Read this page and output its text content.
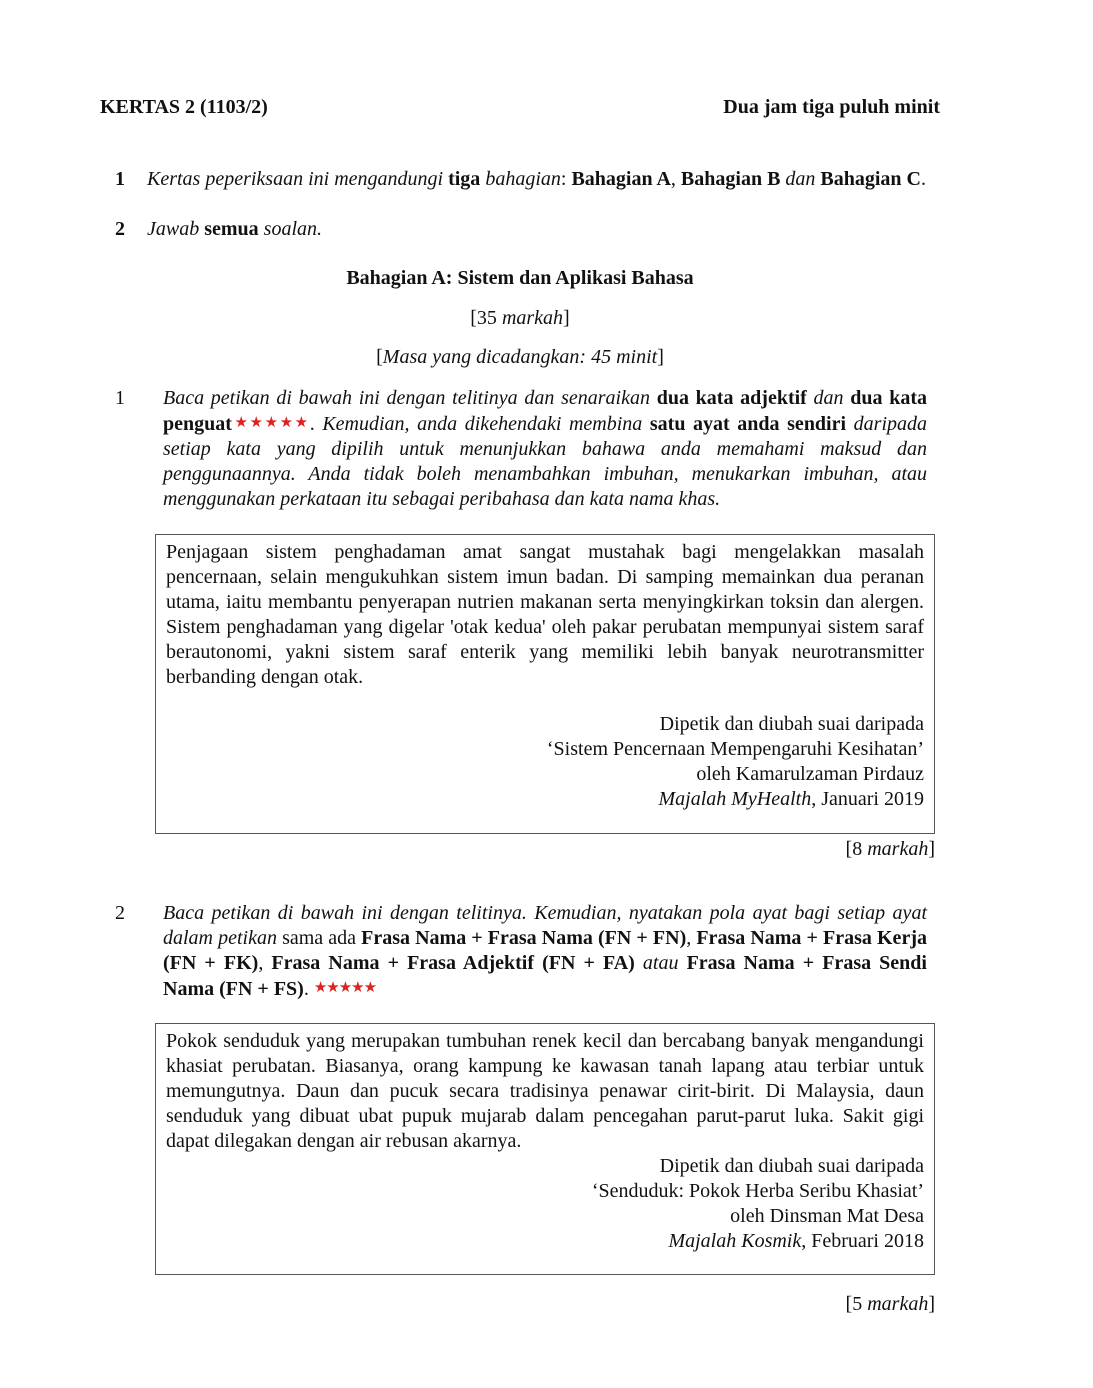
KERTAS 2 (1103/2)	Dua jam tiga puluh minit
1 Kertas peperiksaan ini mengandungi tiga bahagian: Bahagian A, Bahagian B dan Bahagian C.
2 Jawab semua soalan.
Bahagian A: Sistem dan Aplikasi Bahasa
[35 markah]
[Masa yang dicadangkan: 45 minit]
1 Baca petikan di bawah ini dengan telitinya dan senaraikan dua kata adjektif dan dua kata penguat★★★★★. Kemudian, anda dikehendaki membina satu ayat anda sendiri daripada setiap kata yang dipilih untuk menunjukkan bahawa anda memahami maksud dan penggunaannya. Anda tidak boleh menambahkan imbuhan, menukarkan imbuhan, atau menggunakan perkataan itu sebagai peribahasa dan kata nama khas.
Penjagaan sistem penghadaman amat sangat mustahak bagi mengelakkan masalah pencernaan, selain mengukuhkan sistem imun badan. Di samping memainkan dua peranan utama, iaitu membantu penyerapan nutrien makanan serta menyingkirkan toksin dan alergen. Sistem penghadaman yang digelar 'otak kedua' oleh pakar perubatan mempunyai sistem saraf berautonomi, yakni sistem saraf enterik yang memiliki lebih banyak neurotransmitter berbanding dengan otak.
Dipetik dan diubah suai daripada
‘Sistem Pencernaan Mempengaruhi Kesihatan’
oleh Kamarulzaman Pirdauz
Majalah MyHealth, Januari 2019
[8 markah]
2 Baca petikan di bawah ini dengan telitinya. Kemudian, nyatakan pola ayat bagi setiap ayat dalam petikan sama ada Frasa Nama + Frasa Nama (FN + FN), Frasa Nama + Frasa Kerja (FN + FK), Frasa Nama + Frasa Adjektif (FN + FA) atau Frasa Nama + Frasa Sendi Nama (FN + FS). ★★★★★
Pokok senduduk yang merupakan tumbuhan renek kecil dan bercabang banyak mengandungi khasiat perubatan. Biasanya, orang kampung ke kawasan tanah lapang atau terbiar untuk memungutnya. Daun dan pucuk secara tradisinya penawar cirit-birit. Di Malaysia, daun senduduk yang dibuat ubat pupuk mujarab dalam pencegahan parut-parut luka. Sakit gigi dapat dilegakan dengan air rebusan akarnya.
Dipetik dan diubah suai daripada
‘Senduduk: Pokok Herba Seribu Khasiat’
oleh Dinsman Mat Desa
Majalah Kosmik, Februari 2018
[5 markah]
